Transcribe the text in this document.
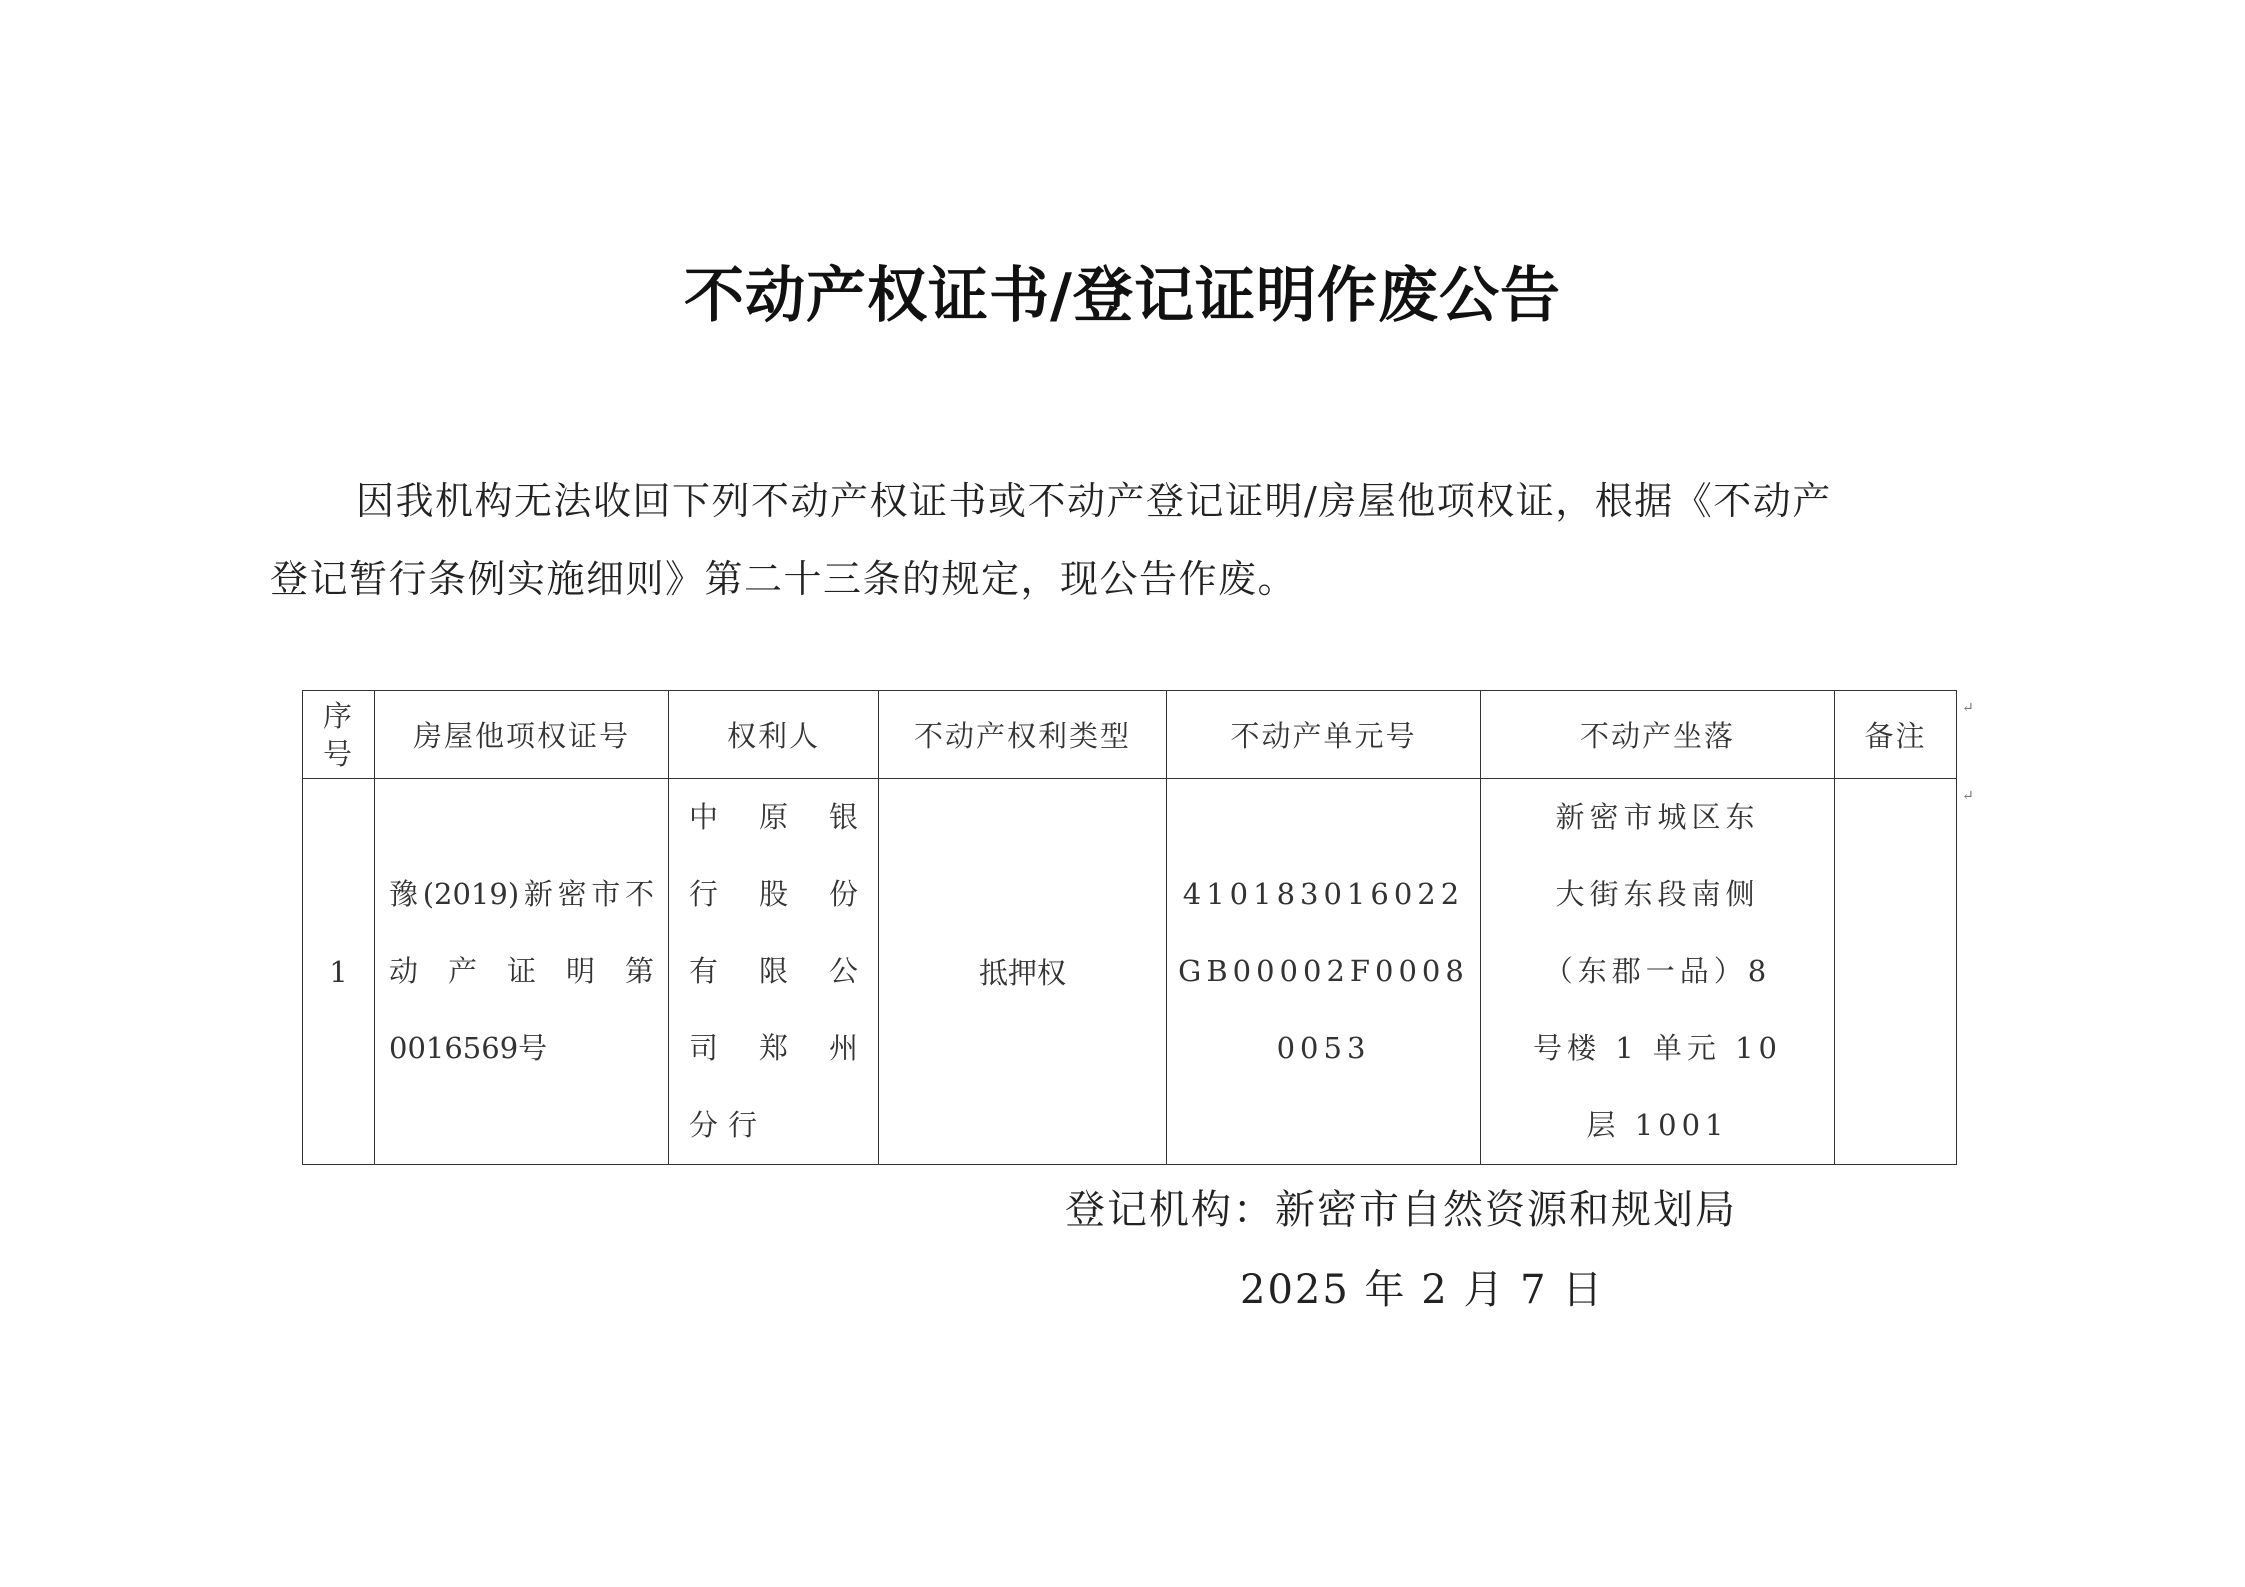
不动产权证书/登记证明作废公告
因我机构无法收回下列不动产权证书或不动产登记证明/房屋他项权证，根据《不动产
登记暂行条例实施细则》第二十三条的规定，现公告作废。
序
号	房屋他项权证号	权利人	不动产权利类型	不动产单元号	不动产坐落	备注
1	豫(2019)新密市不
动产证明第
0016569号	中原银
行股份
有限公
司郑州
分行	抵押权	410183016022
GB00002F0008
0053	新密市城区东
大街东段南侧
（东郡一品）8
号楼 1 单元 10
层 1001	

↵
↵
登记机构：新密市自然资源和规划局
2025 年 2 月 7 日
